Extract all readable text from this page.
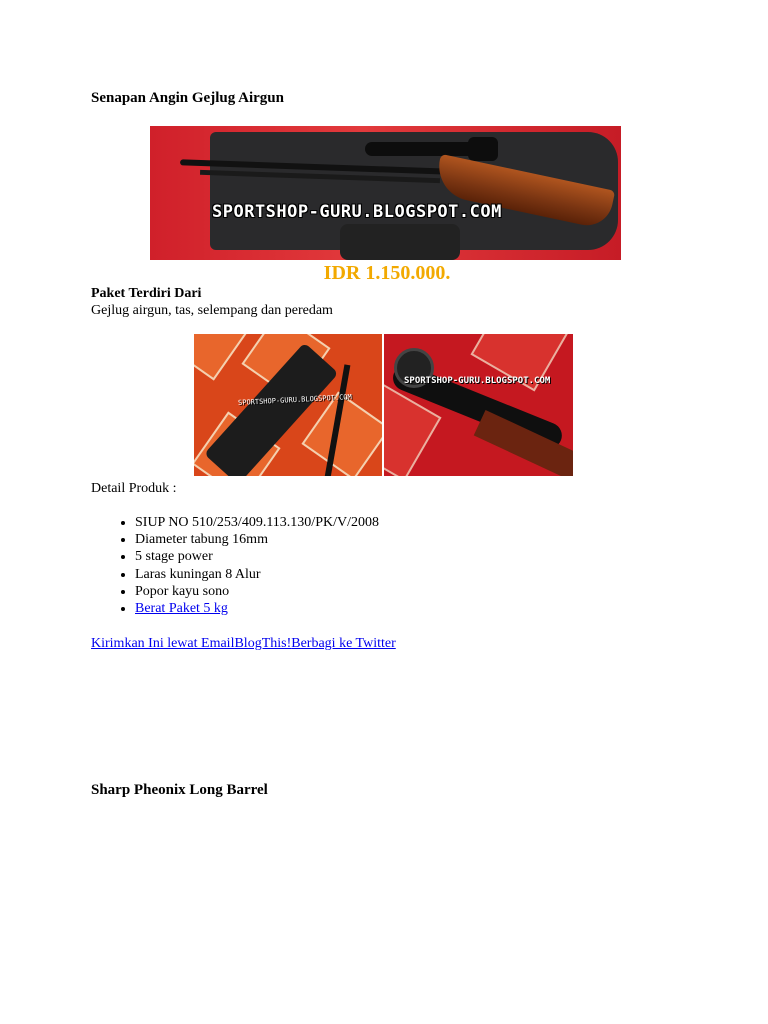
Senapan Angin Gejlug Airgun
SPORTSHOP-GURU.BLOGSPOT.COM
IDR 1.150.000.
Paket Terdiri Dari
Gejlug airgun, tas, selempang dan peredam
SPORTSHOP-GURU.BLOGSPOT.COM
SPORTSHOP-GURU.BLOGSPOT.COM
Detail Produk :
• SIUP NO 510/253/409.113.130/PK/V/2008
• Diameter tabung 16mm
• 5 stage power
• Laras kuningan 8 Alur
• Popor kayu sono
• Berat Paket 5 kg
Kirimkan Ini lewat EmailBlogThis!Berbagi ke Twitter
Sharp Pheonix Long Barrel
